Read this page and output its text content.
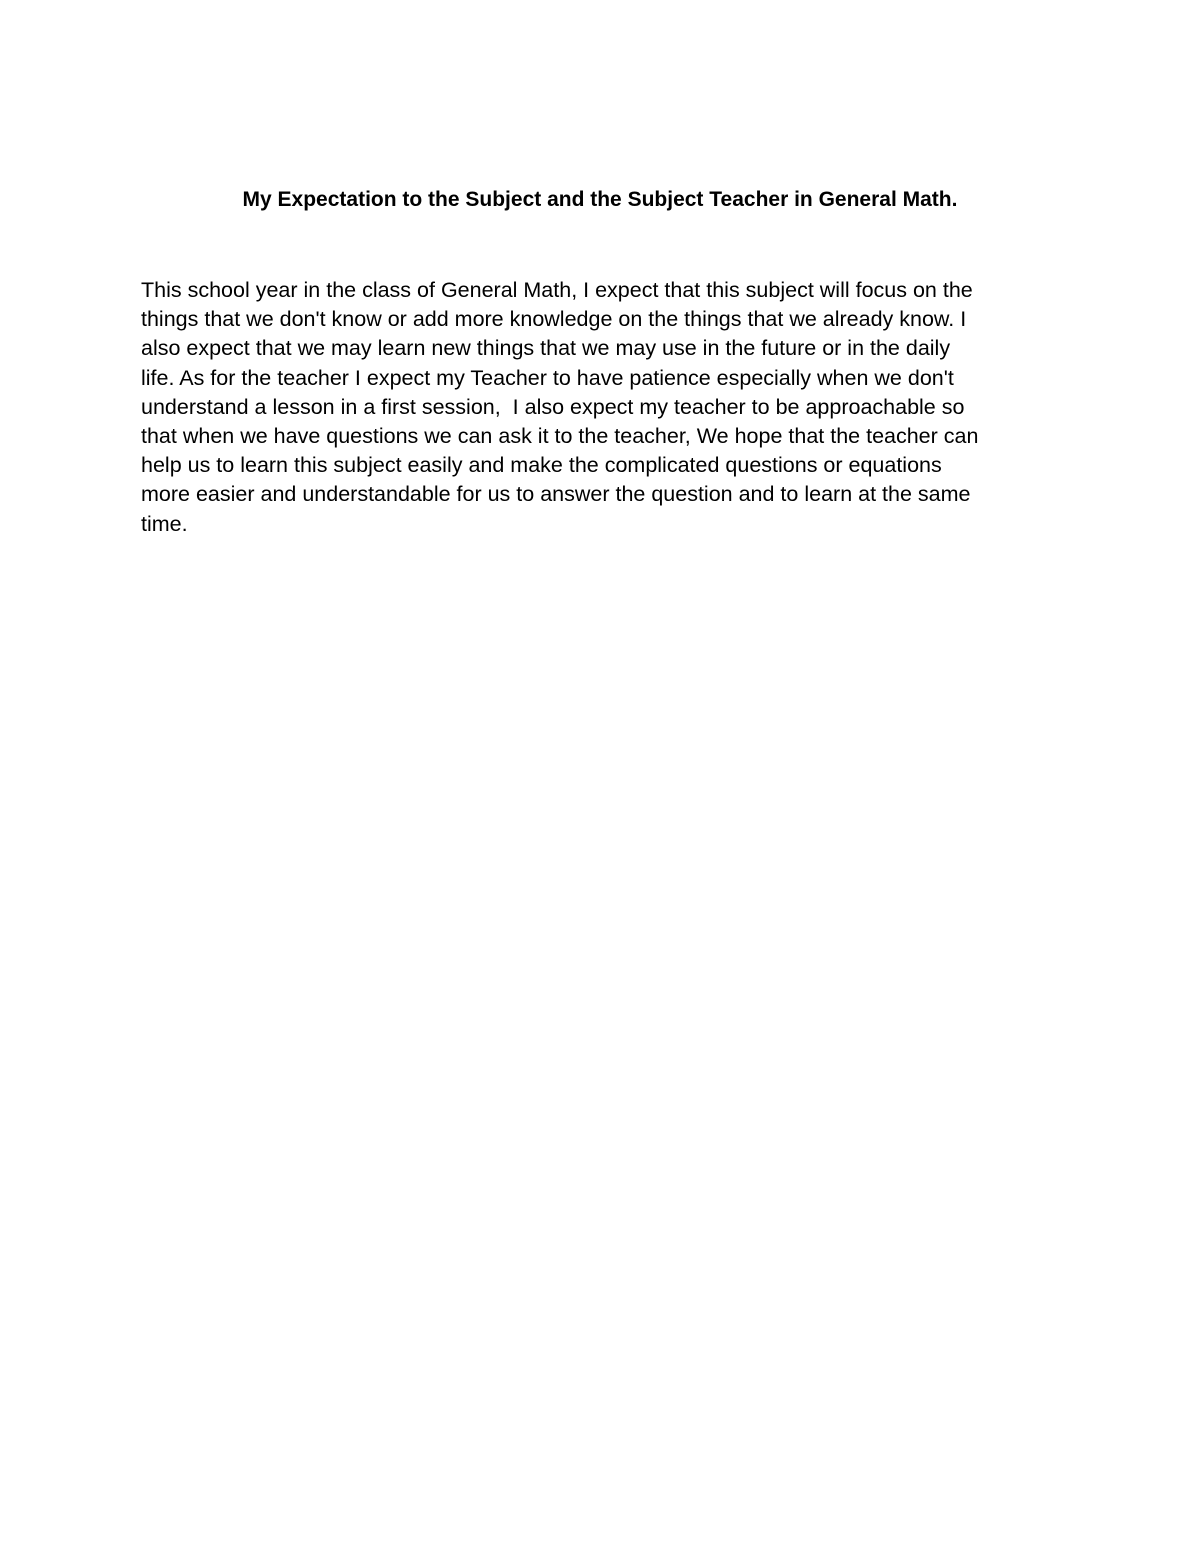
My Expectation to the Subject and the Subject Teacher in General Math.
This school year in the class of General Math, I expect that this subject will focus on the
things that we don't know or add more knowledge on the things that we already know. I
also expect that we may learn new things that we may use in the future or in the daily
life. As for the teacher I expect my Teacher to have patience especially when we don't
understand a lesson in a first session,  I also expect my teacher to be approachable so
that when we have questions we can ask it to the teacher, We hope that the teacher can
help us to learn this subject easily and make the complicated questions or equations
more easier and understandable for us to answer the question and to learn at the same
time.
